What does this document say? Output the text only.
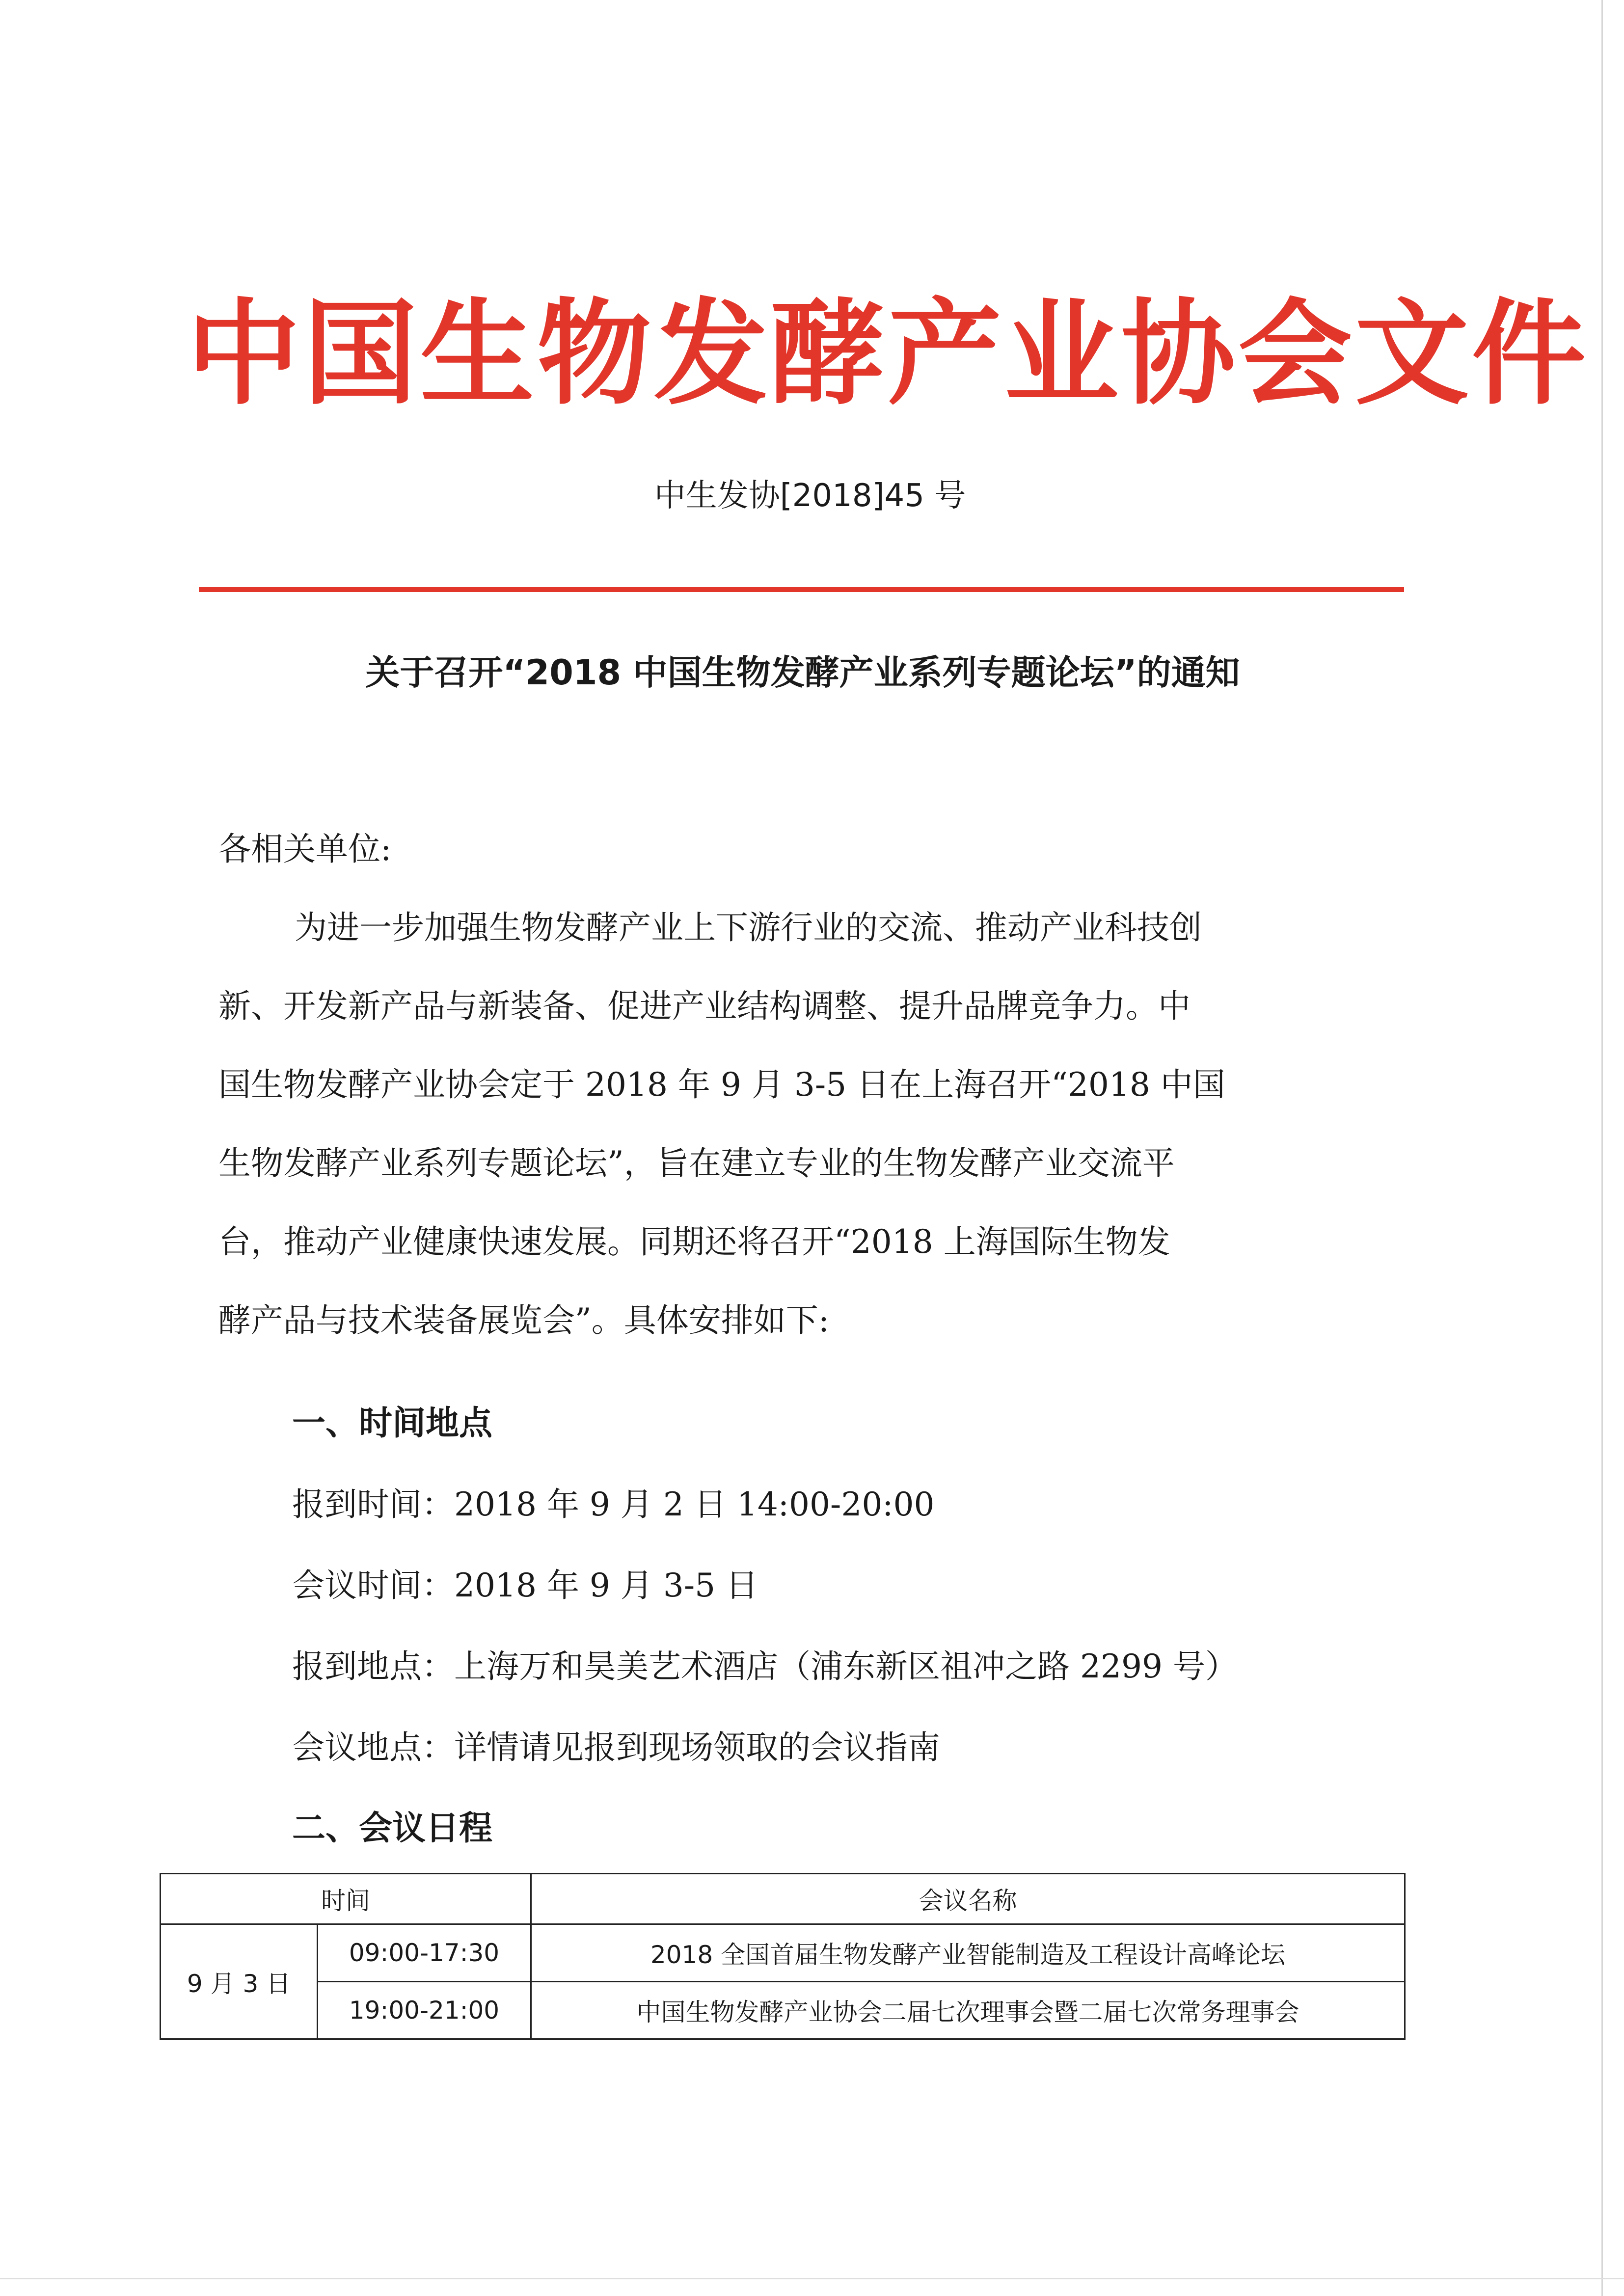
中国生物发酵产业协会文件
中生发协[2018]45 号
关于召开“2018 中国生物发酵产业系列专题论坛”的通知
各相关单位:
为进一步加强生物发酵产业上下游行业的交流、推动产业科技创
新、开发新产品与新装备、促进产业结构调整、提升品牌竞争力。中
国生物发酵产业协会定于 2018 年 9 月 3-5 日在上海召开“2018 中国
生物发酵产业系列专题论坛”，旨在建立专业的生物发酵产业交流平
台，推动产业健康快速发展。同期还将召开“2018 上海国际生物发
酵产品与技术装备展览会”。具体安排如下:
一、时间地点
报到时间：2018 年 9 月 2 日 14:00-20:00
会议时间：2018 年 9 月 3-5 日
报到地点：上海万和昊美艺术酒店（浦东新区祖冲之路 2299 号）
会议地点：详情请见报到现场领取的会议指南
二、会议日程
时间		会议名称
9 月 3 日	09:00-17:30	2018 全国首届生物发酵产业智能制造及工程设计高峰论坛
	19:00-21:00	中国生物发酵产业协会二届七次理事会暨二届七次常务理事会
